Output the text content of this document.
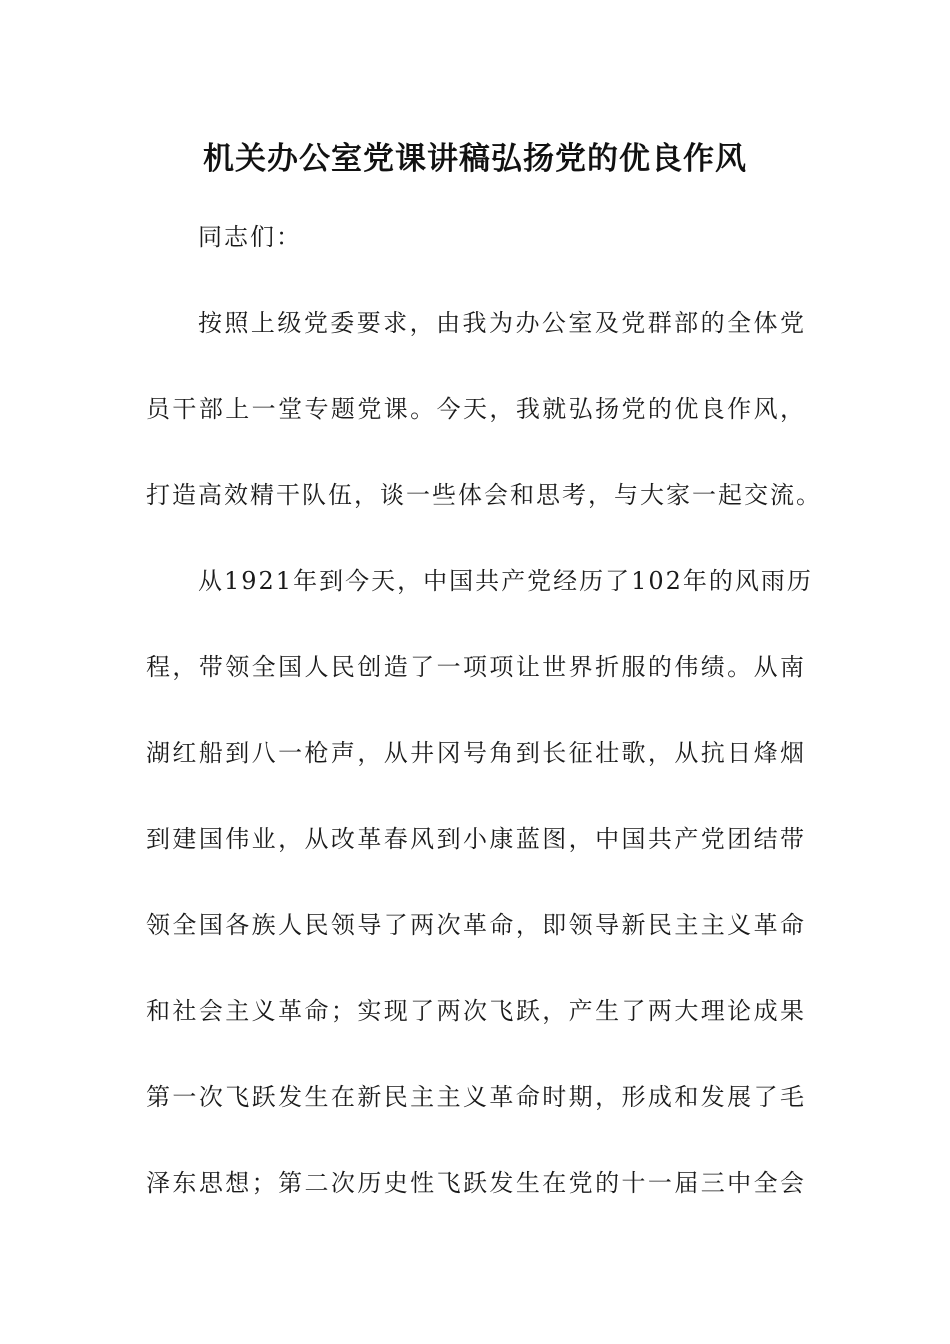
机关办公室党课讲稿弘扬党的优良作风
同志们：
按照上级党委要求，由我为办公室及党群部的全体党
员干部上一堂专题党课。今天，我就弘扬党的优良作风，
打造高效精干队伍，谈一些体会和思考，与大家一起交流。
从1921年到今天，中国共产党经历了102年的风雨历
程，带领全国人民创造了一项项让世界折服的伟绩。从南
湖红船到八一枪声，从井冈号角到长征壮歌，从抗日烽烟
到建国伟业，从改革春风到小康蓝图，中国共产党团结带
领全国各族人民领导了两次革命，即领导新民主主义革命
和社会主义革命；实现了两次飞跃，产生了两大理论成果
第一次飞跃发生在新民主主义革命时期，形成和发展了毛
泽东思想；第二次历史性飞跃发生在党的十一届三中全会
